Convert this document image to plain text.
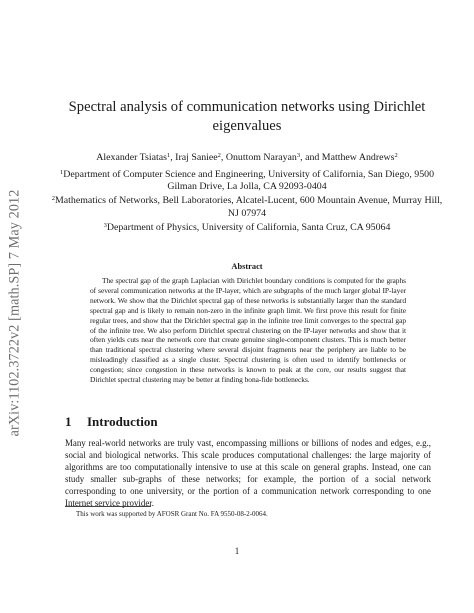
arXiv:1102.3722v2 [math.SP] 7 May 2012
Spectral analysis of communication networks using Dirichlet eigenvalues
Alexander Tsiatas$^1$, Iraj Saniee$^2$, Onuttom Narayan$^3$, and Matthew Andrews$^2$
$^1$Department of Computer Science and Engineering, University of California, San Diego, 9500 Gilman Drive, La Jolla, CA 92093-0404
$^2$Mathematics of Networks, Bell Laboratories, Alcatel-Lucent, 600 Mountain Avenue, Murray Hill, NJ 07974
$^3$Department of Physics, University of California, Santa Cruz, CA 95064
Abstract
The spectral gap of the graph Laplacian with Dirichlet boundary conditions is computed for the graphs of several communication networks at the IP-layer, which are subgraphs of the much larger global IP-layer network. We show that the Dirichlet spectral gap of these networks is substantially larger than the standard spectral gap and is likely to remain non-zero in the infinite graph limit. We first prove this result for finite regular trees, and show that the Dirichlet spectral gap in the infinite tree limit converges to the spectral gap of the infinite tree. We also perform Dirichlet spectral clustering on the IP-layer networks and show that it often yields cuts near the network core that create genuine single-component clusters. This is much better than traditional spectral clustering where several disjoint fragments near the periphery are liable to be misleadingly classified as a single cluster. Spectral clustering is often used to identify bottlenecks or congestion; since congestion in these networks is known to peak at the core, our results suggest that Dirichlet spectral clustering may be better at finding bona-fide bottlenecks.
1 Introduction
Many real-world networks are truly vast, encompassing millions or billions of nodes and edges, e.g., social and biological networks. This scale produces computational challenges: the large majority of algorithms are too computationally intensive to use at this scale on general graphs. Instead, one can study smaller sub-graphs of these networks; for example, the portion of a social network corresponding to one university, or the portion of a communication network corresponding to one Internet service provider.
This work was supported by AFOSR Grant No. FA 9550-08-2-0064.
1
